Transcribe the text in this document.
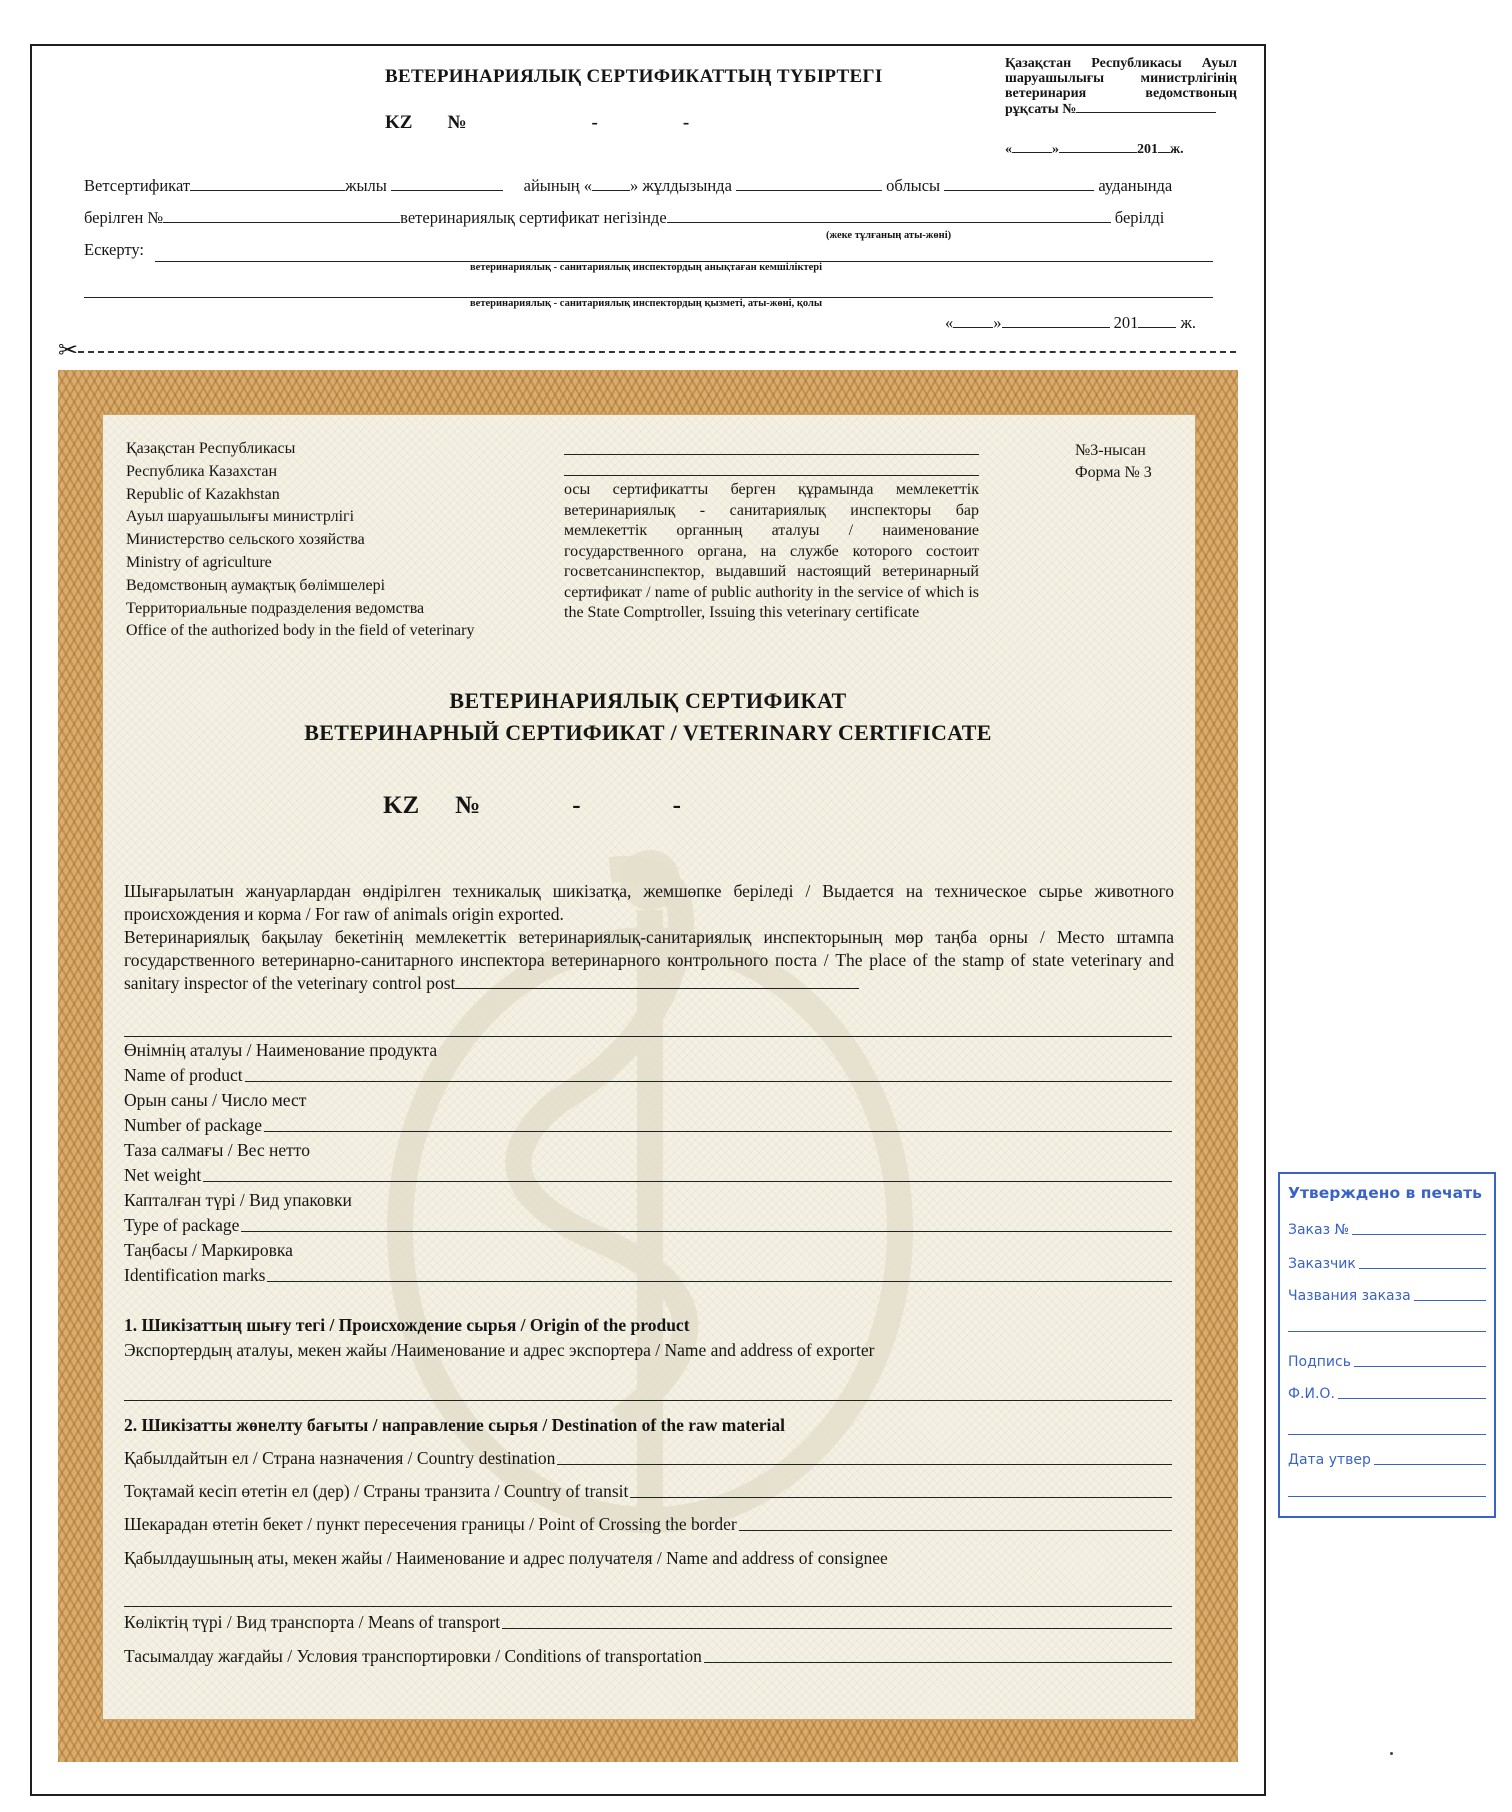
ВЕТЕРИНАРИЯЛЫҚ СЕРТИФИКАТТЫҢ ТҮБІРТЕГІ
KZ №	-	-
Қазақстан Республикасы Ауыл шаруашылығы министрлігінің ветеринария ведомствоның рұқсаты №
«	»	201 ж.
Ветсертификат	жылы	айының « » жұлдызында	облысы	ауданында
берілген №	ветеринариялық сертификат негізінде	берілді
(жеке тұлғаның аты-жөні)
Ескерту:
ветеринариялық - санитариялық инспектордың анықтаған кемшіліктері
ветеринариялық - санитариялық инспектордың қызметі, аты-жөні, қолы
« »	201	ж.
✂
Қазақстан Республикасы
Республика Казахстан
Republic of Kazakhstan
Ауыл шаруашылығы министрлігі
Министерство сельского хозяйства
Ministry of agriculture
Ведомствоның аумақтық бөлімшелері
Территориальные подразделения ведомства
Office of the authorized body in the field of veterinary
осы сертификатты берген құрамында мемлекеттік ветеринариялық - санитариялық инспекторы бар мемлекеттік органның аталуы / наименование государственного органа, на службе которого состоит госветсанинспектор, выдавший настоящий ветеринарный сертификат / name of public authority in the service of which is the State Comptroller, Issuing this veterinary certificate
№3-нысан
Форма № 3
ВЕТЕРИНАРИЯЛЫҚ СЕРТИФИКАТ
ВЕТЕРИНАРНЫЙ СЕРТИФИКАТ / VETERINARY CERTIFICATE
KZ №	-	-
Шығарылатын жануарлардан өндірілген техникалық шикізатқа, жемшөпке беріледі / Выдается на техническое сырье животного происхождения и корма / For raw of animals origin exported.
Ветеринариялық бақылау бекетінің мемлекеттік ветеринариялық-санитариялық инспекторының мөр таңба орны / Место штампа государственного ветеринарно-санитарного инспектора ветеринарного контрольного поста / The place of the stamp of state veterinary and sanitary inspector of the veterinary control post
Өнімнің аталуы / Наименование продукта
Name of product
Орын саны / Число мест
Number of package
Таза салмағы / Вес нетто
Net weight
Капталған түрі / Вид упаковки
Type of package
Таңбасы / Маркировка
Identification marks
1. Шикізаттың шығу тегі / Происхождение сырья / Origin of the product
Экспортердың аталуы, мекен жайы /Наименование и адрес экспортера / Name and address of exporter
2. Шикізатты жөнелту бағыты / направление сырья / Destination of the raw material
Қабылдайтын ел / Страна назначения / Country destination
Тоқтамай кесіп өтетін ел (дер) / Страны транзита / Country of transit
Шекарадан өтетін бекет / пункт пересечения границы / Point of Crossing the border
Қабылдаушының аты, мекен жайы / Наименование и адрес получателя / Name and address of consignee
Көліктің түрі / Вид транспорта / Means of transport
Тасымалдау жағдайы / Условия транспортировки / Conditions of transportation
Утверждено в печать
Заказ №
Заказчик
Чазвания заказа
Подпись
Ф.И.О.
Дата утвер
